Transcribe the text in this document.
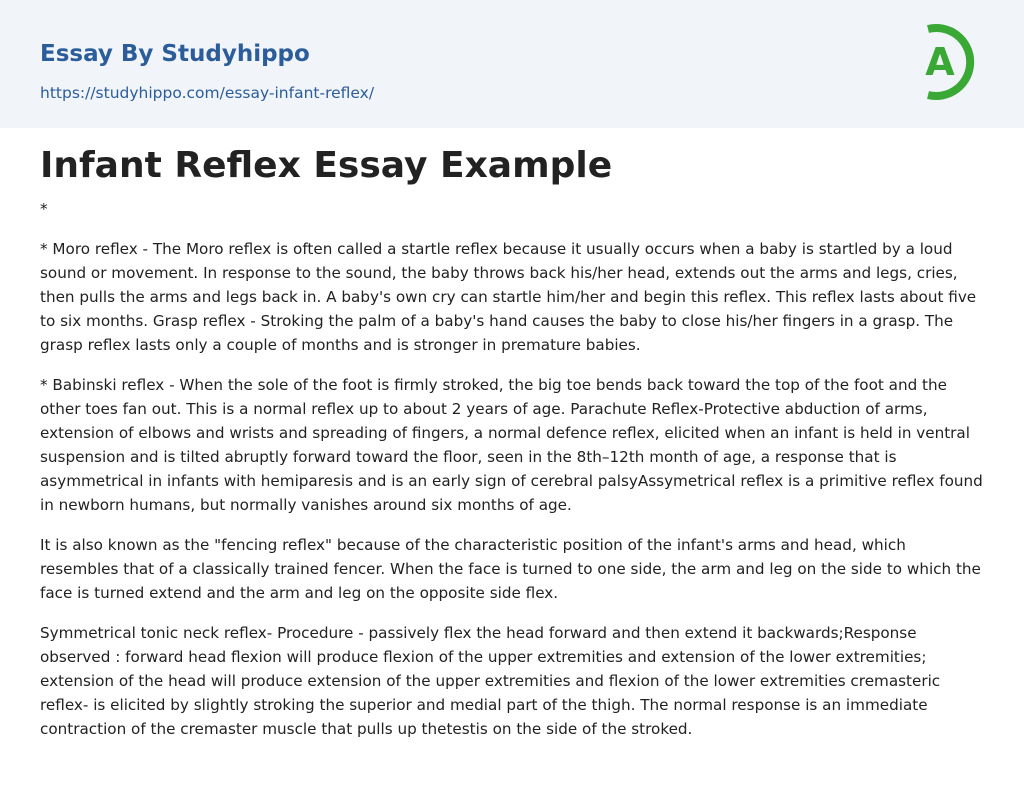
Essay By Studyhippo
https://studyhippo.com/essay-infant-reflex/
A
Infant Reflex Essay Example

*

* Moro reflex - The Moro reflex is often called a startle reflex because it usually occurs when a baby is startled by a loud sound or movement. In response to the sound, the baby throws back his/her head, extends out the arms and legs, cries, then pulls the arms and legs back in. A baby's own cry can startle him/her and begin this reflex. This reflex lasts about five to six months. Grasp reflex - Stroking the palm of a baby's hand causes the baby to close his/her fingers in a grasp. The grasp reflex lasts only a couple of months and is stronger in premature babies.

* Babinski reflex - When the sole of the foot is firmly stroked, the big toe bends back toward the top of the foot and the other toes fan out. This is a normal reflex up to about 2 years of age. Parachute Reflex-Protective abduction of arms, extension of elbows and wrists and spreading of fingers, a normal defence reflex, elicited when an infant is held in ventral suspension and is tilted abruptly forward toward the floor, seen in the 8th–12th month of age, a response that is asymmetrical in infants with hemiparesis and is an early sign of cerebral palsyAssymetrical reflex is a primitive reflex found in newborn humans, but normally vanishes around six months of age.

It is also known as the "fencing reflex" because of the characteristic position of the infant's arms and head, which resembles that of a classically trained fencer. When the face is turned to one side, the arm and leg on the side to which the face is turned extend and the arm and leg on the opposite side flex.

Symmetrical tonic neck reflex- Procedure - passively flex the head forward and then extend it backwards;Response observed : forward head flexion will produce flexion of the upper extremities and extension of the lower extremities; extension of the head will produce extension of the upper extremities and flexion of the lower extremities cremasteric reflex- is elicited by slightly stroking the superior and medial part of the thigh. The normal response is an immediate contraction of the cremaster muscle that pulls up thetestis on the side of the stroked.
